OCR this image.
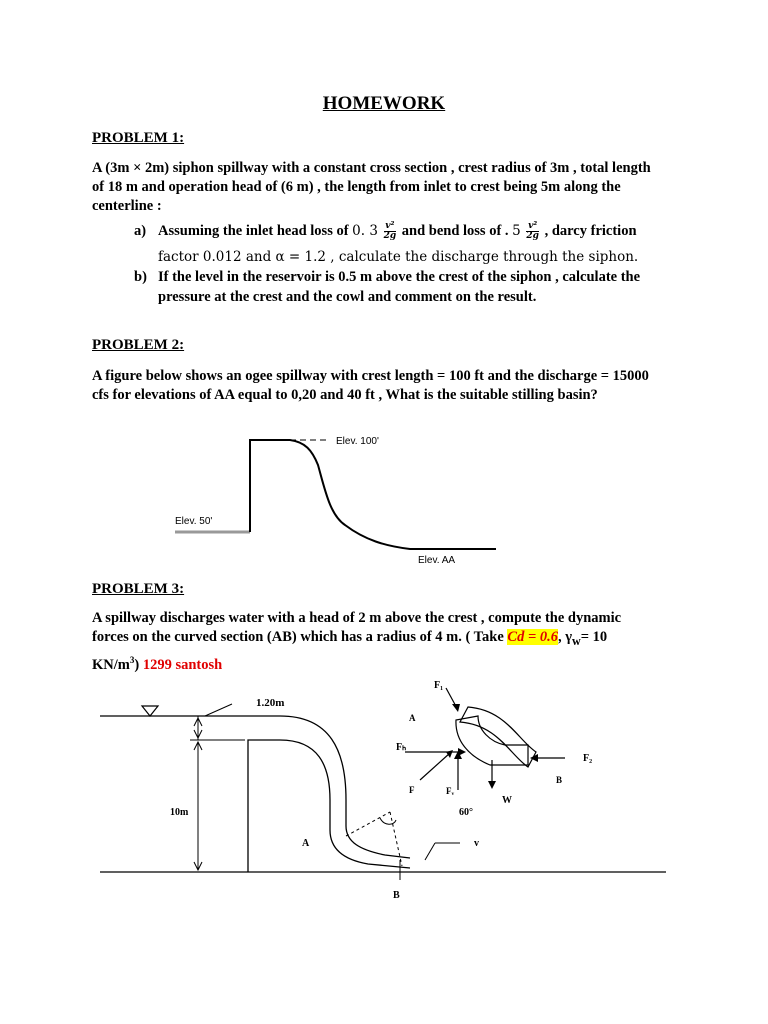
HOMEWORK
PROBLEM 1:
A (3m × 2m) siphon spillway with a constant cross section , crest radius of 3m , total length
of 18 m and operation head of (6 m) , the length from inlet to crest being 5m along the
centerline :
a) Assuming the inlet head loss of 0. $3 \frac{\text{v²}}{2g}$ and bend loss of . $5 \frac{\text{v²}}{2g}$ , darcy friction
factor 0.012 and α = 1.2 , calculate the discharge through the siphon.
b) If the level in the reservoir is 0.5 m above the crest of the siphon , calculate the
pressure at the crest and the cowl and comment on the result.
PROBLEM 2:
A figure below shows an ogee spillway with crest length = 100 ft and the discharge = 15000
cfs for elevations of AA equal to 0,20 and 40 ft , What is the suitable stilling basin?
Elev. 100'
Elev. 50'
Elev. AA
PROBLEM 3:
A spillway discharges water with a head of 2 m above the crest , compute the dynamic
forces on the curved section (AB) which has a radius of 4 m. ( Take Cd = 0.6, $\gamma_w= 10$
$KN/m^3$) 1299 santosh
1.20m
10m	60°
B
A	v
F₁
A
Fₕ
F₂
B
F	Fᵥ
W
